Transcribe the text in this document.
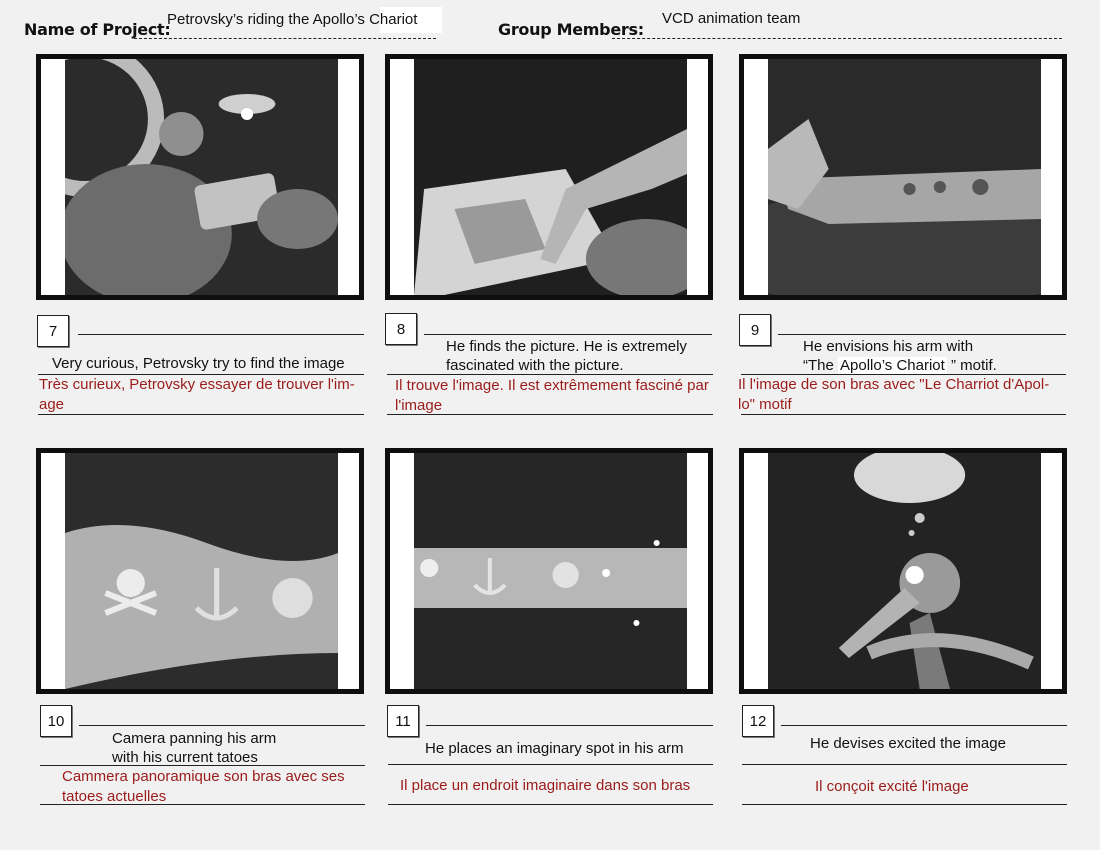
Name of Project:
Petrovsky’s riding the Apollo’s Chariot
Group Members:
VCD animation team
7
Very curious, Petrovsky try to find the image
Très curieux, Petrovsky essayer de trouver l'im-age
8
He finds the picture. He is extremely fascinated with the picture.
Il trouve l'image. Il est extrêmement fasciné par l'image
9
He envisions his arm with
“The Apollo’s Chariot ” motif.
Il l'image de son bras avec "Le Charriot d'Apol-lo" motif
10
Camera panning his arm with his current tatoes
Cammera panoramique son bras avec ses tatoes actuelles
11
He places an imaginary spot in his arm
Il place un endroit imaginaire dans son bras
12
He devises excited the image
Il conçoit excité l'image
